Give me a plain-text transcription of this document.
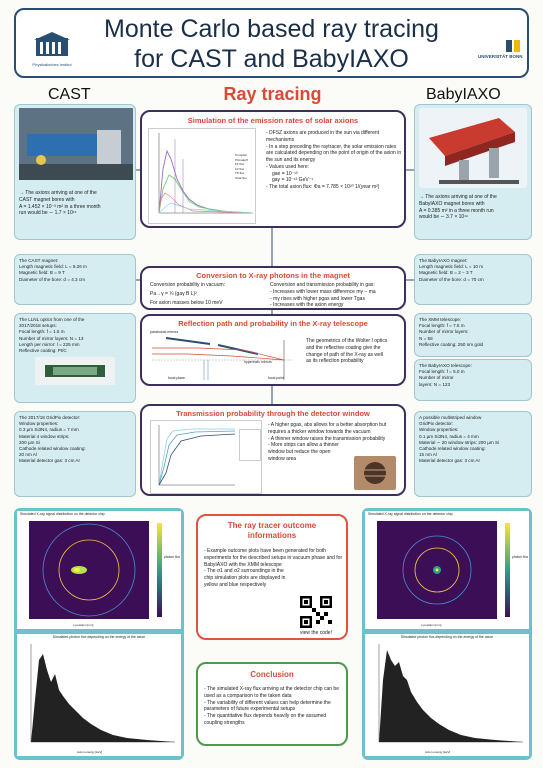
Monte Carlo based ray tracing
for CAST and BabyIAXO
Physikalisches Institut
UNIVERSITÄT BONN
CAST	Ray tracing	BabyIAXO
→ The axions arriving at one of the
CAST magnet bores with
A = 1.452 × 10⁻³ m² in a three month
run would be ∼ 1.7 × 10¹⁶
The CAST magnet:
Length magnetic field: L = 9.26 m
Magnetic field: B = 9 T
Diameter of the bore: d = 4.3 cm
The LLNL optics from one of the
2017/2018 setups:
Focal length: f = 1.5 m
Number of mirror layers: N = 13
Length per mirror: l = 225 mm
Reflective coating: Pt/C
The 2017/18 GridPix detector:
Window properties:
0.3 µm Si3N4, radius = 7 mm
Material 4 window strips:
200 µm Si
Cathode related window coating:
20 nm Al
Material detector gas: 3 cm Ar
→ The axions arriving at one of the
BabyIAXO magnet bores with
A = 0.385 m² in a three month run
would be ∼ 3.7 × 10¹⁹
The BabyIAXO magnet:
Length magnetic field: L = 10 m
Magnetic field: B = 2 − 3 T
Diameter of the bore: d = 70 cm
The XMM telescope:
Focal length: f = 7.5 m
Number of mirror layers:
N = 58
Reflective coating: 250 nm gold
The BabyIAXO telescope:
Focal length: f = 5.0 m
Number of mirror
layers: N = 123
A possible multistriped window
GridPix detector:
Window properties:
0.1 µm Si3N4, radius = 4 mm
Material ∼ 20 window strips: 200 µm Si
Cathode related window coating:
15 nm Al
Material detector gas: 3 cm Ar
Simulation of the emission rates of solar axions
Compton
Primakoff
FF flux
LP flux
TP flux
Total flux
- DFSZ axions are produced in the sun via different mechanisms
- In a step preceding the raytracer, the solar emission rates are calculated depending on the point of origin of the axion in the sun and its energy
- Values used here:
gae = 10⁻¹³
gaγ = 10⁻¹² GeV⁻¹
- The total axion flux: Φa = 7.785 × 10²⁰ 1/(year m²)
Conversion to X-ray photons in the magnet
Conversion probability in vacuum:
Pa→γ = ¼ (gaγ B L)²
For axion masses below 10 meV
Conversion and transmission probability in gas:
- Increases with lower mass difference mγ − ma
- mγ rises with higher pgas and lower Tgas
- Increases with the axion energy
Reflection path and probability in the X-ray telescope
paraboloid mirrors
hyperbolic mirrors
focal plane	focal point
The geometrics of the Wolter I optics
and the reflective coating give the
change of path of the X-ray as well
as its reflection probability
Transmission probability through the detector window
- A higher pgas, abs allows for a better absorption but requires a thicker window towards the vacuum
- A thinner window raises the transmission probability
- More strips can allow a thinner window but reduce the open window area
Simulated X-ray signal distribution on the detector chip
photon flux
x-position [mm]
Simulated photon flux depending on the energy of the axion
Axion energy [keV]
Simulated X-ray signal distribution on the detector chip
photon flux
x-position [mm]
Simulated photon flux depending on the energy of the axion
Axion energy [keV]
The ray tracer outcome informations
- Example outcome plots have been generated for both experiments for the described setups in vacuum phase and for BabyIAXO with the XMM telescope
- The σ1 and σ2 surroundings in the chip simulation plots are displayed in yellow and blue respectively
view the code!
Conclusion
- The simulated X-ray flux arriving at the detector chip can be used as a comparison to the taken data
- The variability of different values can help determine the parameters of future experimental setups
- The quantitative flux depends heavily on the assumed coupling strengths
